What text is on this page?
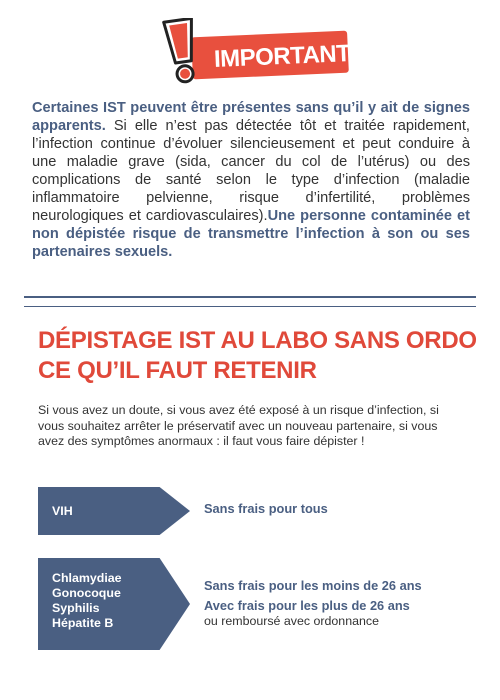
IMPORTANT

Certaines IST peuvent être présentes sans qu’il y ait de signes apparents. Si elle n’est pas détectée tôt et traitée rapidement, l’infection continue d’évoluer silencieusement et peut conduire à une maladie grave (sida, cancer du col de l’utérus) ou des complications de santé selon le type d’infection (maladie inflammatoire pelvienne, risque d’infertilité, problèmes neurologiques et cardiovasculaires).Une personne contaminée et non dépistée risque de transmettre l’infection à son ou ses partenaires sexuels.

DÉPISTAGE IST AU LABO SANS ORDO
CE QU’IL FAUT RETENIR

Si vous avez un doute, si vous avez été exposé à un risque d’infection, si vous souhaitez arrêter le préservatif avec un nouveau partenaire, si vous avez des symptômes anormaux : il faut vous faire dépister !

VIH	Sans frais pour tous
Chlamydiae
Gonocoque
Syphilis
Hépatite B
Sans frais pour les moins de 26 ans
Avec frais pour les plus de 26 ans
ou remboursé avec ordonnance
